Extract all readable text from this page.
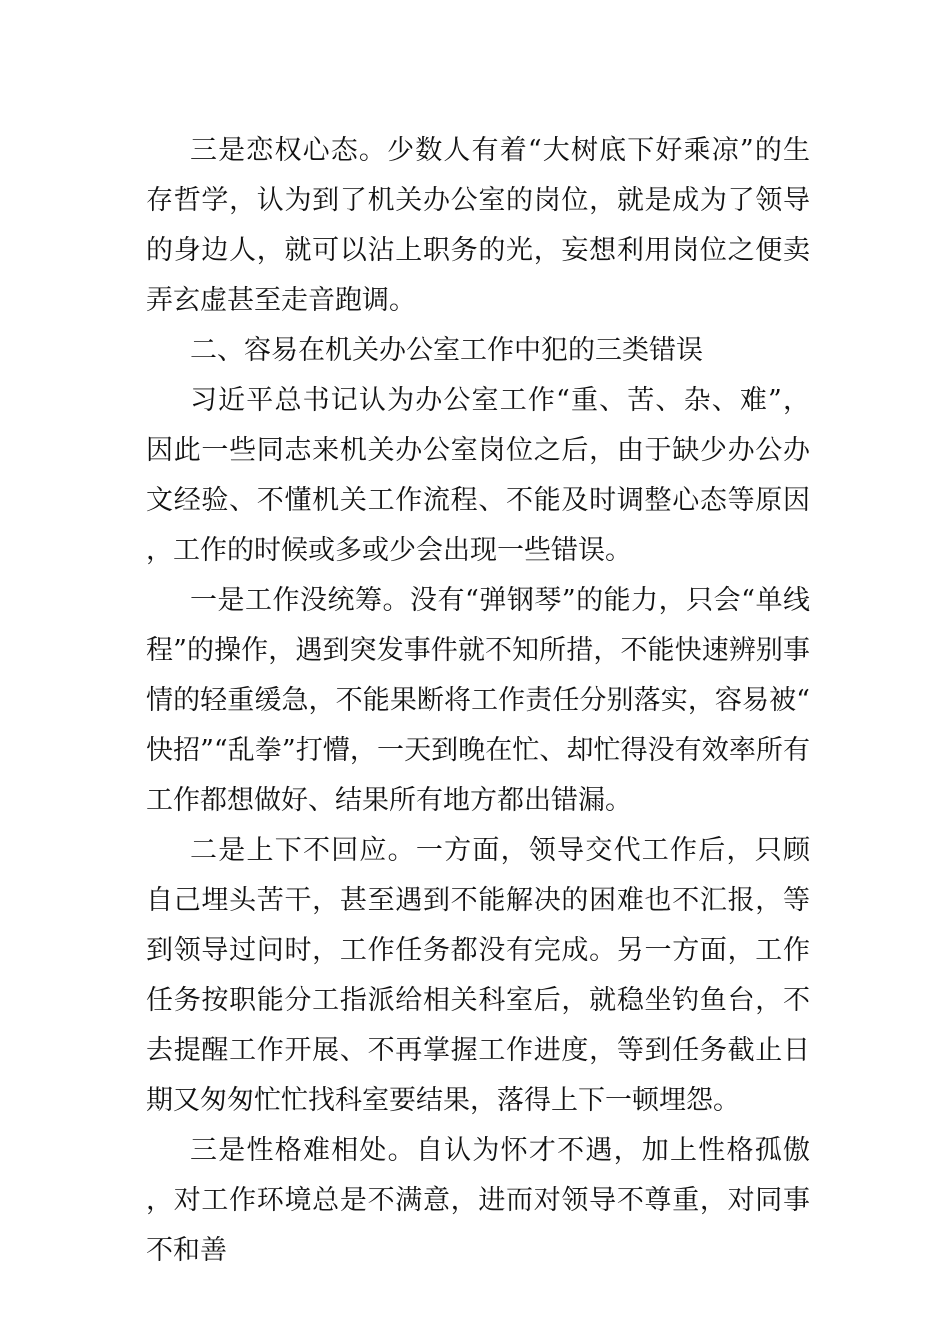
三是恋权心态。少数人有着“大树底下好乘凉”的生存哲学，认为到了机关办公室的岗位，就是成为了领导的身边人，就可以沾上职务的光，妄想利用岗位之便卖弄玄虚甚至走音跑调。

二、容易在机关办公室工作中犯的三类错误

习近平总书记认为办公室工作“重、苦、杂、难”，因此一些同志来机关办公室岗位之后，由于缺少办公办文经验、不懂机关工作流程、不能及时调整心态等原因，工作的时候或多或少会出现一些错误。

一是工作没统筹。没有“弹钢琴”的能力，只会“单线程”的操作，遇到突发事件就不知所措，不能快速辨别事情的轻重缓急，不能果断将工作责任分别落实，容易被“快招”“乱拳”打懵，一天到晚在忙、却忙得没有效率所有工作都想做好、结果所有地方都出错漏。

二是上下不回应。一方面，领导交代工作后，只顾自己埋头苦干，甚至遇到不能解决的困难也不汇报，等到领导过问时，工作任务都没有完成。另一方面，工作任务按职能分工指派给相关科室后，就稳坐钓鱼台，不去提醒工作开展、不再掌握工作进度，等到任务截止日期又匆匆忙忙找科室要结果，落得上下一顿埋怨。

三是性格难相处。自认为怀才不遇，加上性格孤傲，对工作环境总是不满意，进而对领导不尊重，对同事不和善
